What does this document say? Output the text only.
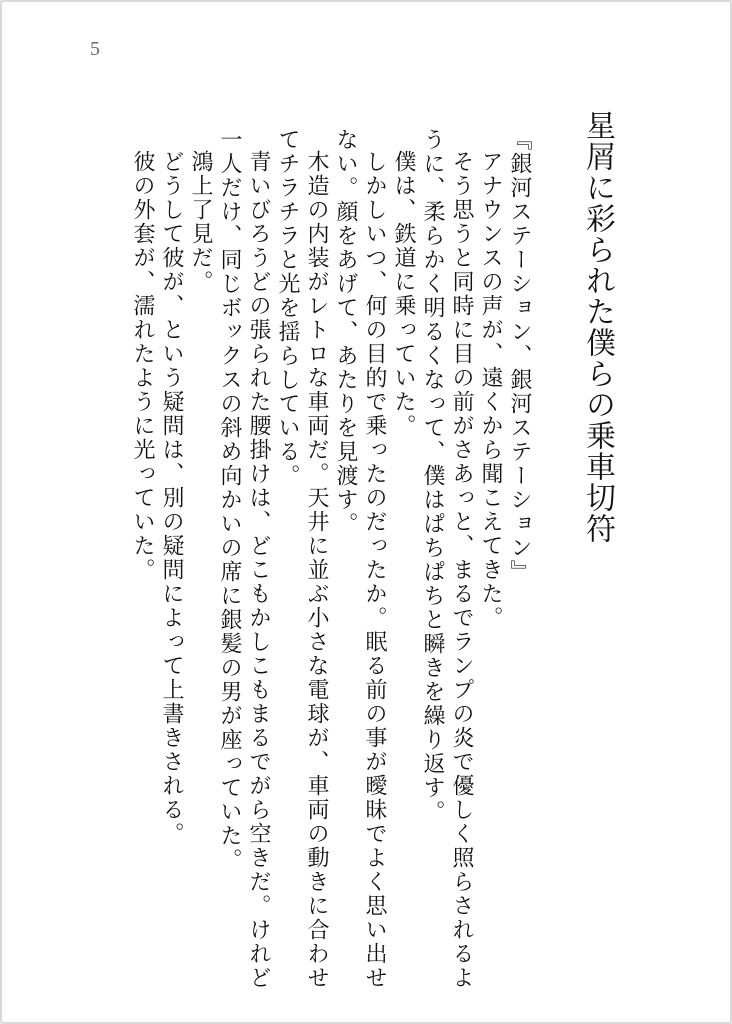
5
星屑に彩られた僕らの乗車切符

『銀河ステーション、銀河ステーション』

アナウンスの声が、遠くから聞こえてきた。

そう思うと同時に目の前がさあっと、まるでランプの炎で優しく照らされるように、柔らかく明るくなって、僕はぱちぱちと瞬きを繰り返す。

僕は、鉄道に乗っていた。

しかしいつ、何の目的で乗ったのだったか。眠る前の事が曖昧でよく思い出せない。顔をあげて、あたりを見渡す。

木造の内装がレトロな車両だ。天井に並ぶ小さな電球が、車両の動きに合わせてチラチラと光を揺らしている。

青いびろうどの張られた腰掛けは、どこもかしこもまるでがら空きだ。けれど一人だけ、同じボックスの斜め向かいの席に銀髪の男が座っていた。

鴻上了見だ。

どうして彼が、という疑問は、別の疑問によって上書きされる。

彼の外套が、濡れたように光っていた。
